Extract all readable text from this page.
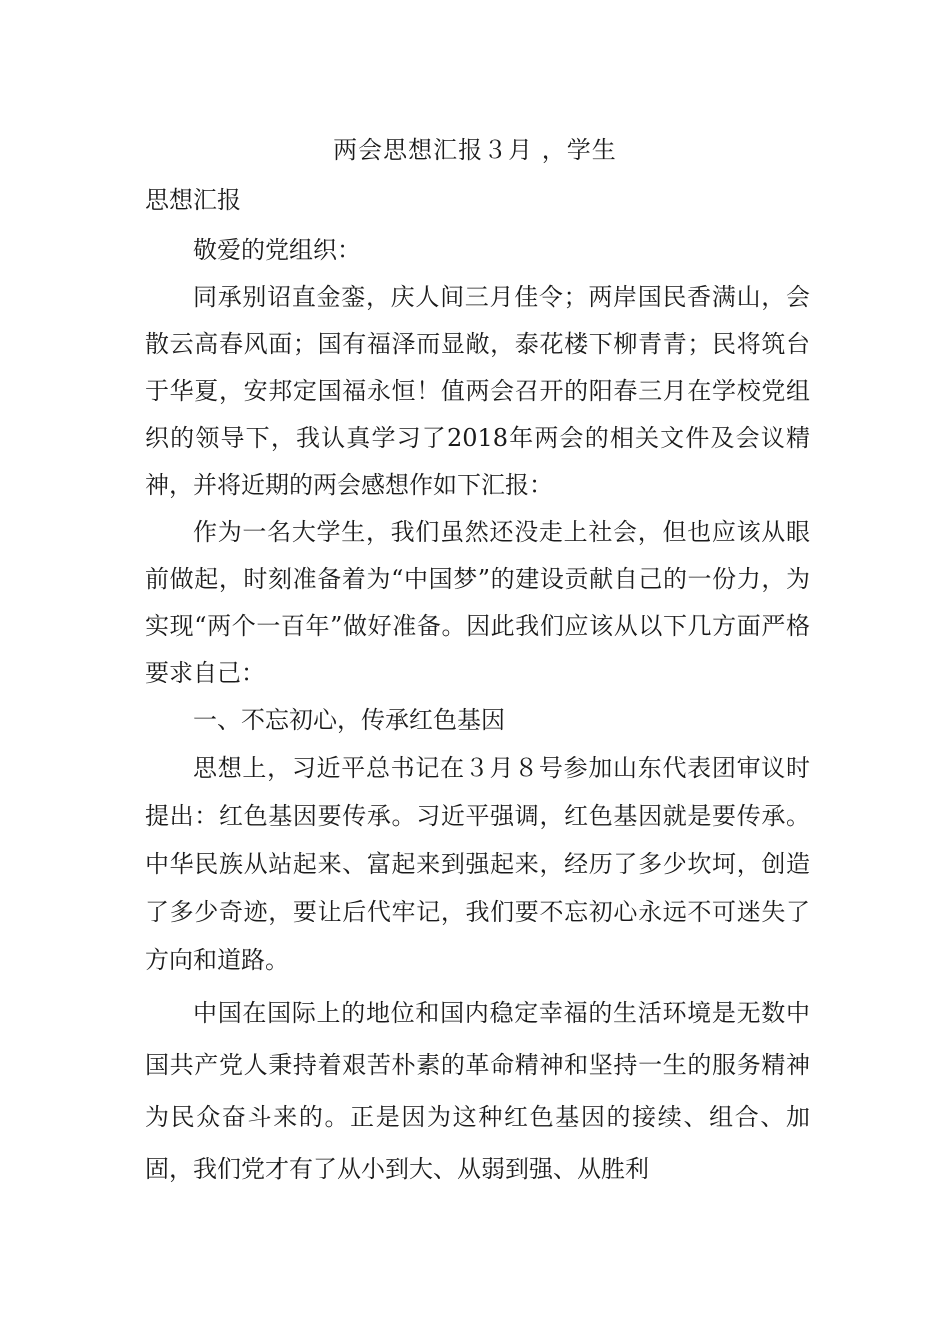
两会思想汇报３月 ，学生
思想汇报

敬爱的党组织：

同承别诏直金銮，庆人间三月佳令；两岸国民香满山，会散云高春风面；国有福泽而显敞，泰花楼下柳青青；民将筑台于华夏，安邦定国福永恒！值两会召开的阳春三月在学校党组织的领导下，我认真学习了2018年两会的相关文件及会议精神，并将近期的两会感想作如下汇报：

作为一名大学生，我们虽然还没走上社会，但也应该从眼前做起，时刻准备着为“中国梦”的建设贡献自己的一份力，为实现“两个一百年”做好准备。因此我们应该从以下几方面严格要求自己：

一、不忘初心，传承红色基因

思想上，习近平总书记在３月８号参加山东代表团审议时提出：红色基因要传承。习近平强调，红色基因就是要传承。中华民族从站起来、富起来到强起来，经历了多少坎坷，创造了多少奇迹，要让后代牢记，我们要不忘初心永远不可迷失了方向和道路。

中国在国际上的地位和国内稳定幸福的生活环境是无数中国共产党人秉持着艰苦朴素的革命精神和坚持一生的服务精神为民众奋斗来的。正是因为这种红色基因的接续、组合、加固，我们党才有了从小到大、从弱到强、从胜利
